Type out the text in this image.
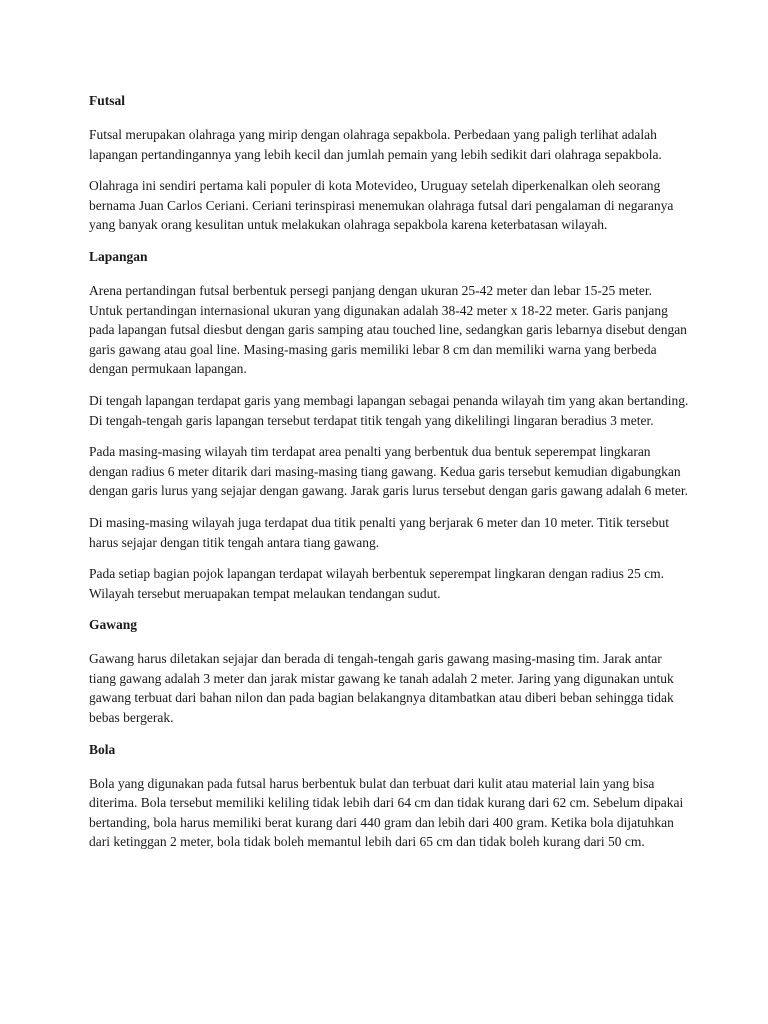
Futsal

Futsal merupakan olahraga yang mirip dengan olahraga sepakbola. Perbedaan yang paligh terlihat adalah lapangan pertandingannya yang lebih kecil dan jumlah pemain yang lebih sedikit dari olahraga sepakbola.

Olahraga ini sendiri pertama kali populer di kota Motevideo, Uruguay setelah diperkenalkan oleh seorang bernama Juan Carlos Ceriani. Ceriani terinspirasi menemukan olahraga futsal dari pengalaman di negaranya yang banyak orang kesulitan untuk melakukan olahraga sepakbola karena keterbatasan wilayah.

Lapangan

Arena pertandingan futsal berbentuk persegi panjang dengan ukuran 25-42 meter dan lebar 15-25 meter. Untuk pertandingan internasional ukuran yang digunakan adalah 38-42 meter x 18-22 meter. Garis panjang pada lapangan futsal diesbut dengan garis samping atau touched line, sedangkan garis lebarnya disebut dengan garis gawang atau goal line. Masing-masing garis memiliki lebar 8 cm dan memiliki warna yang berbeda dengan permukaan lapangan.

Di tengah lapangan terdapat garis yang membagi lapangan sebagai penanda wilayah tim yang akan bertanding. Di tengah-tengah garis lapangan tersebut terdapat titik tengah yang dikelilingi lingaran beradius 3 meter.

Pada masing-masing wilayah tim terdapat area penalti yang berbentuk dua bentuk seperempat lingkaran dengan radius 6 meter ditarik dari masing-masing tiang gawang. Kedua garis tersebut kemudian digabungkan dengan garis lurus yang sejajar dengan gawang. Jarak garis lurus tersebut dengan garis gawang adalah 6 meter.

Di masing-masing wilayah juga terdapat dua titik penalti yang berjarak 6 meter dan 10 meter. Titik tersebut harus sejajar dengan titik tengah antara tiang gawang.

Pada setiap bagian pojok lapangan terdapat wilayah berbentuk seperempat lingkaran dengan radius 25 cm. Wilayah tersebut meruapakan tempat melaukan tendangan sudut.

Gawang

Gawang harus diletakan sejajar dan berada di tengah-tengah garis gawang masing-masing tim. Jarak antar tiang gawang adalah 3 meter dan jarak mistar gawang ke tanah adalah 2 meter. Jaring yang digunakan untuk gawang terbuat dari bahan nilon dan pada bagian belakangnya ditambatkan atau diberi beban sehingga tidak bebas bergerak.

Bola

Bola yang digunakan pada futsal harus berbentuk bulat dan terbuat dari kulit atau material lain yang bisa diterima. Bola tersebut memiliki keliling tidak lebih dari 64 cm dan tidak kurang dari 62 cm. Sebelum dipakai bertanding, bola harus memiliki berat kurang dari 440 gram dan lebih dari 400 gram. Ketika bola dijatuhkan dari ketinggan 2 meter, bola tidak boleh memantul lebih dari 65 cm dan tidak boleh kurang dari 50 cm.
